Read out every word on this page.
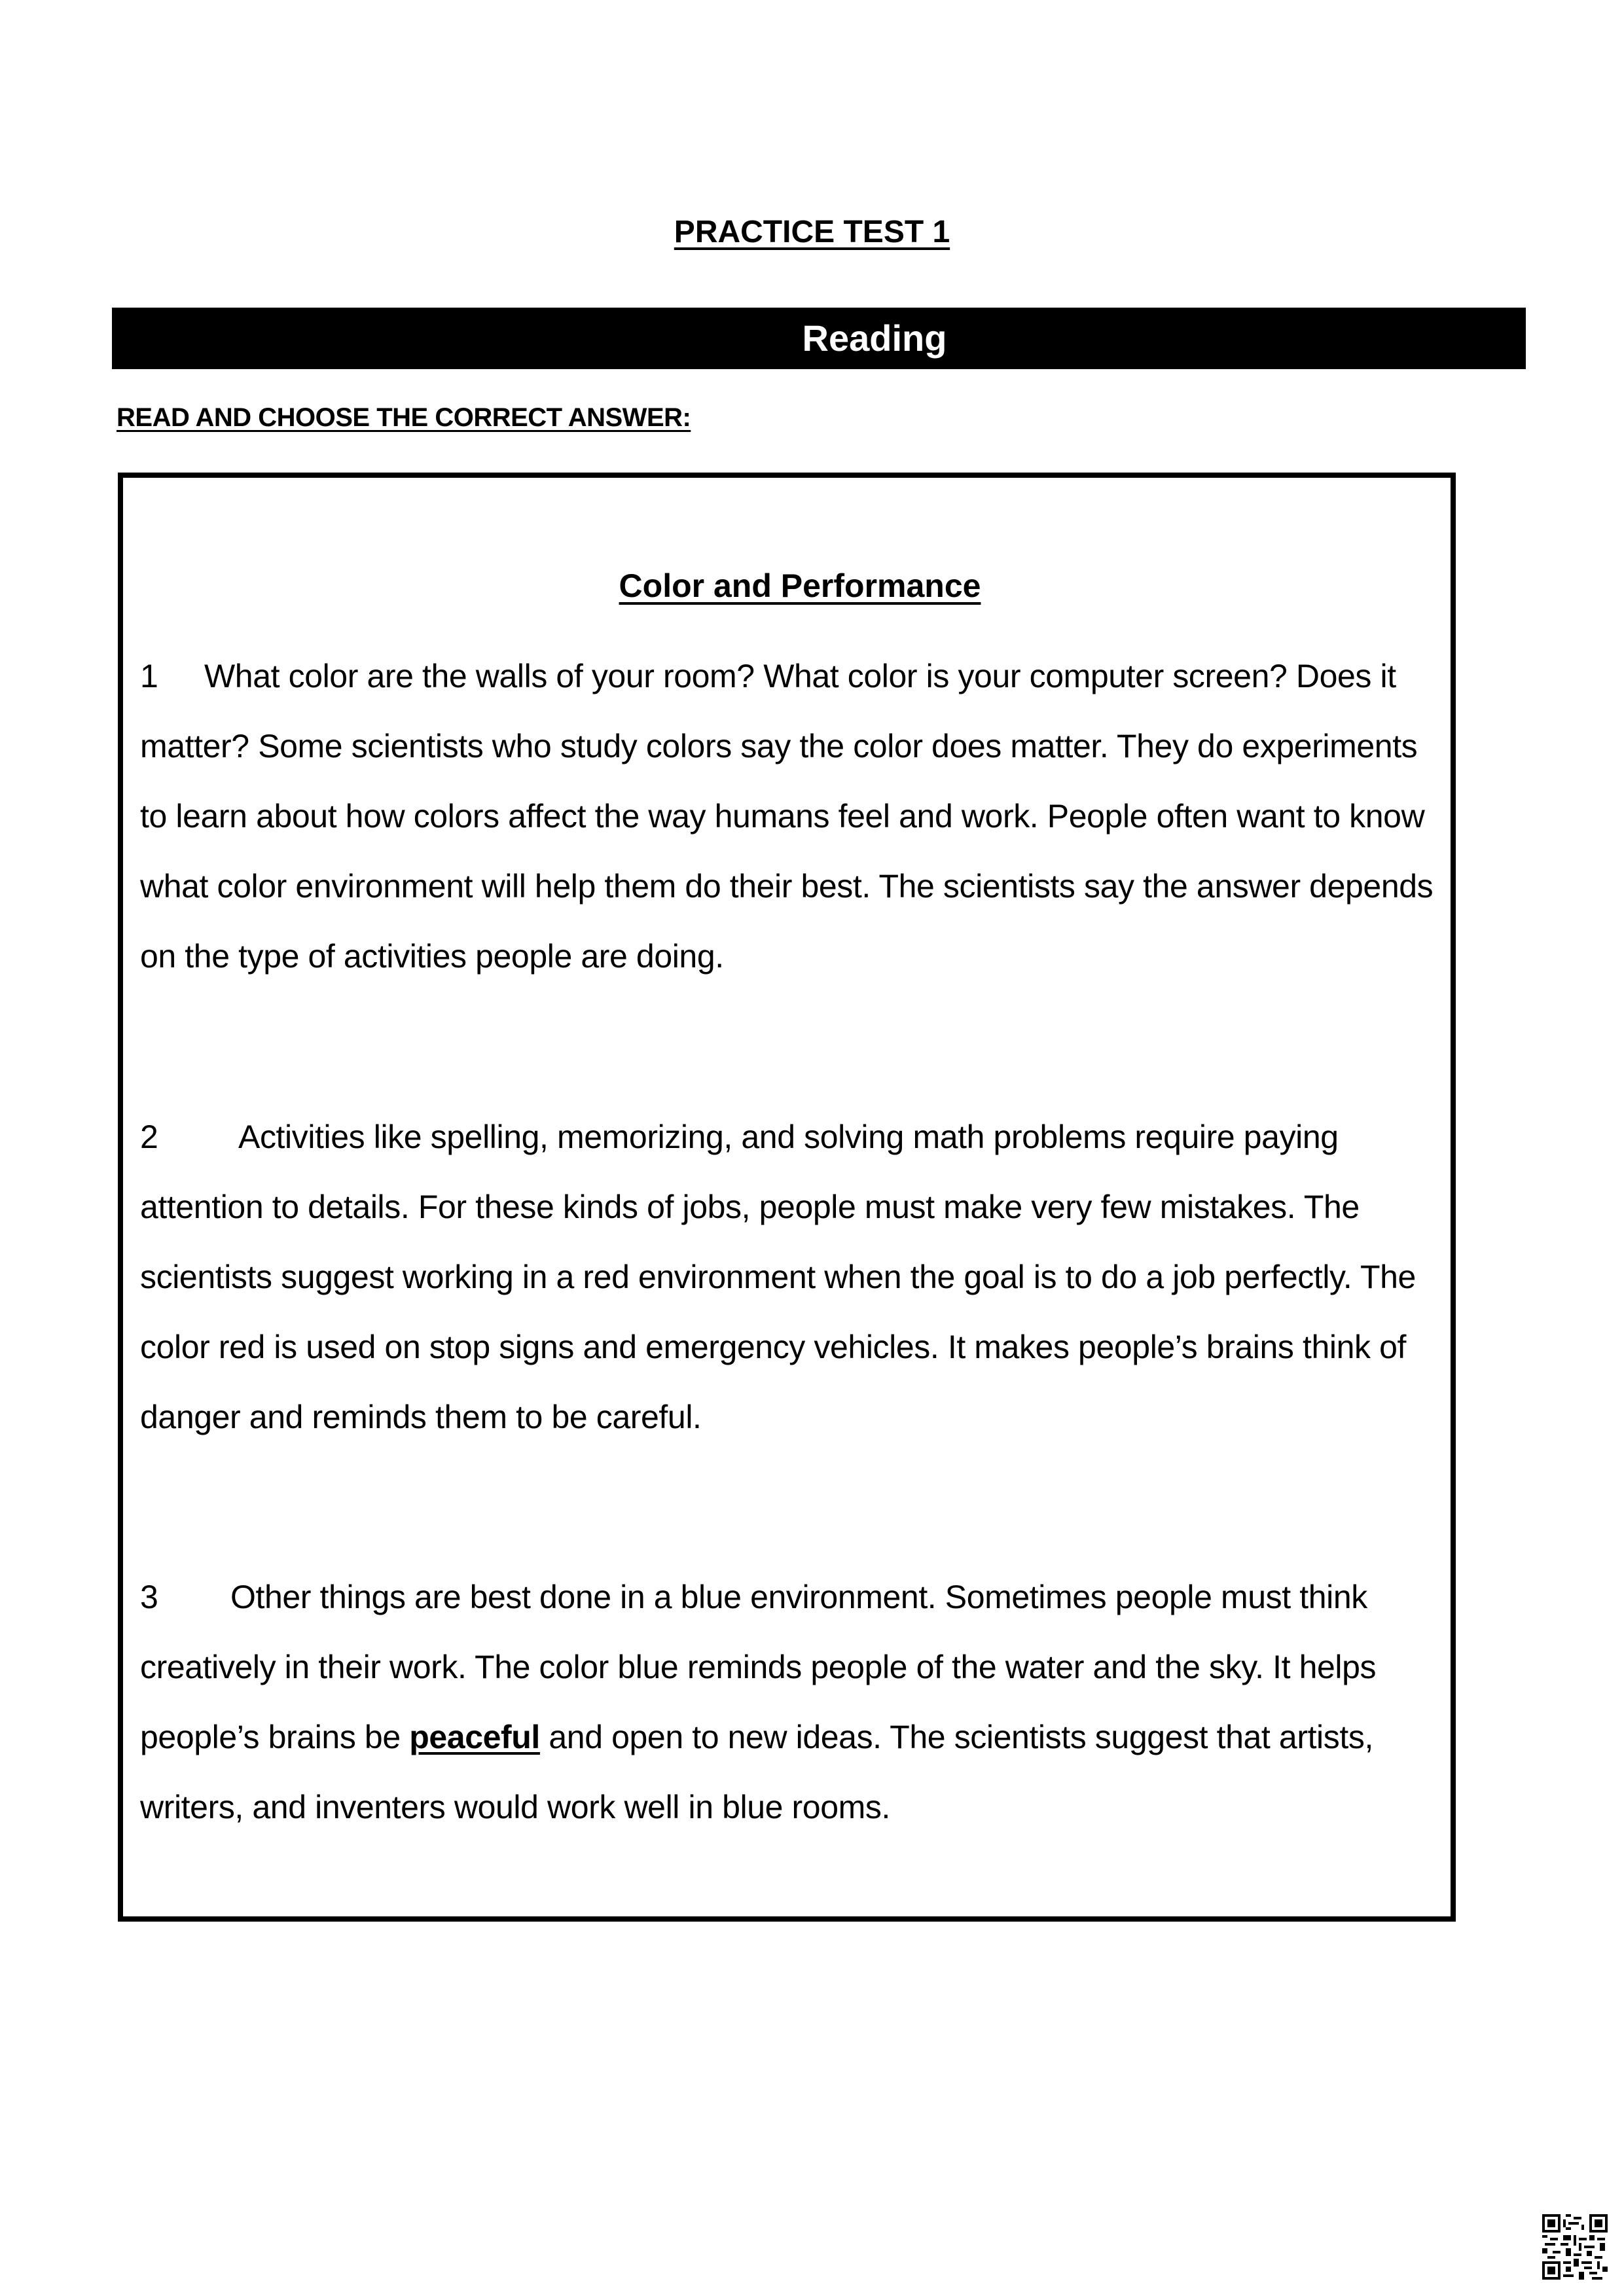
PRACTICE TEST 1
Reading
READ AND CHOOSE THE CORRECT ANSWER:
Color and Performance
1 What color are the walls of your room? What color is your computer screen? Does it matter? Some scientists who study colors say the color does matter. They do experiments to learn about how colors affect the way humans feel and work. People often want to know what color environment will help them do their best. The scientists say the answer depends on the type of activities people are doing.
2 Activities like spelling, memorizing, and solving math problems require paying attention to details. For these kinds of jobs, people must make very few mistakes. The scientists suggest working in a red environment when the goal is to do a job perfectly. The color red is used on stop signs and emergency vehicles. It makes people’s brains think of danger and reminds them to be careful.
3 Other things are best done in a blue environment. Sometimes people must think creatively in their work. The color blue reminds people of the water and the sky. It helps people’s brains be peaceful and open to new ideas. The scientists suggest that artists, writers, and inventers would work well in blue rooms.
